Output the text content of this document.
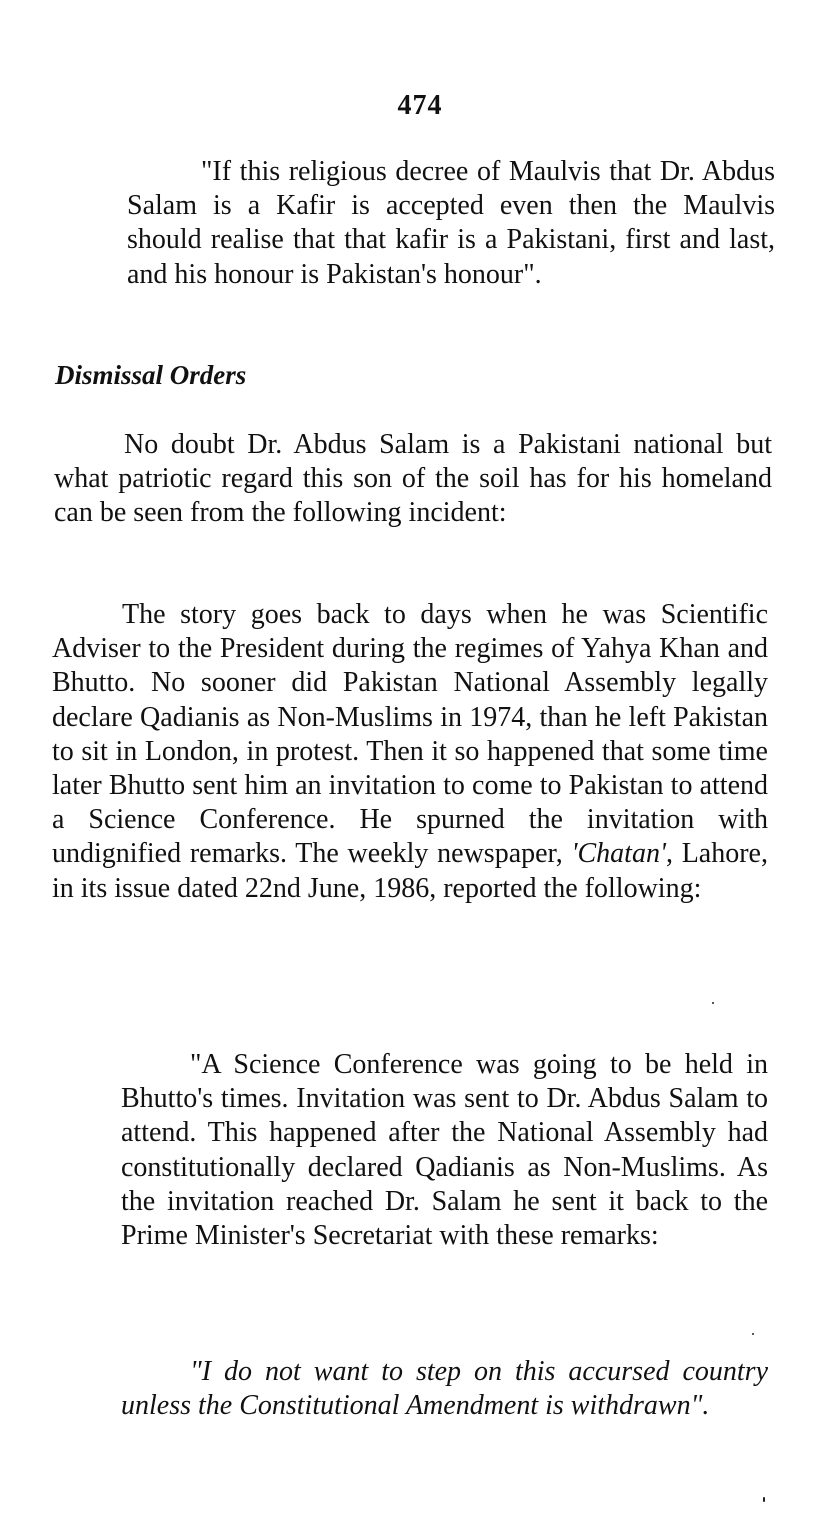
474

"If this religious decree of Maulvis that Dr. Abdus Salam is a Kafir is accepted even then the Maulvis should realise that that kafir is a Pakistani, first and last, and his honour is Pakistan's honour".

Dismissal Orders

No doubt Dr. Abdus Salam is a Pakistani national but what patriotic regard this son of the soil has for his homeland can be seen from the following incident:

The story goes back to days when he was Scientific Adviser to the President during the regimes of Yahya Khan and Bhutto. No sooner did Pakistan National Assembly legally declare Qadianis as Non-Muslims in 1974, than he left Pakistan to sit in London, in protest. Then it so happened that some time later Bhutto sent him an invitation to come to Pakistan to attend a Science Conference. He spurned the invitation with undignified remarks. The weekly newspaper, 'Chatan', Lahore, in its issue dated 22nd June, 1986, reported the following:

"A Science Conference was going to be held in Bhutto's times. Invitation was sent to Dr. Abdus Salam to attend. This happened after the National Assembly had constitutionally declared Qadianis as Non-Muslims. As the invitation reached Dr. Salam he sent it back to the Prime Minister's Secretariat with these remarks:

"I do not want to step on this accursed country unless the Constitutional Amendment is withdrawn".
